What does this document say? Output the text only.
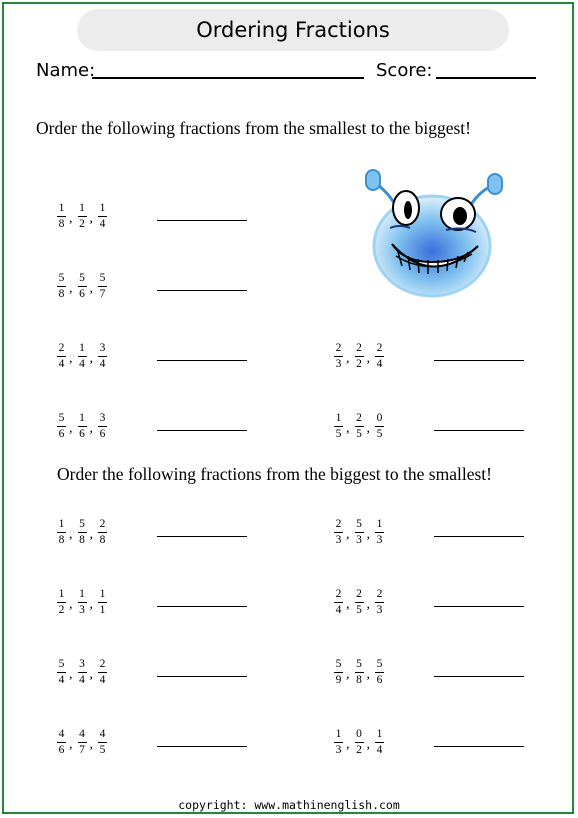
Ordering Fractions
Name:	Score:
Order the following fractions from the smallest to the biggest!
$\frac{1}{8}$ , $\frac{1}{2}$ , $\frac{1}{4}$
$\frac{5}{8}$ , $\frac{5}{6}$ , $\frac{5}{7}$
$\frac{2}{4}$ , $\frac{1}{4}$ , $\frac{3}{4}$	$\frac{2}{3}$ , $\frac{2}{2}$ , $\frac{2}{4}$
$\frac{5}{6}$ , $\frac{1}{6}$ , $\frac{3}{6}$	$\frac{1}{5}$ , $\frac{2}{5}$ , $\frac{0}{5}$
Order the following fractions from the biggest to the smallest!
$\frac{1}{8}$ , $\frac{5}{8}$ , $\frac{2}{8}$	$\frac{2}{3}$ , $\frac{5}{3}$ , $\frac{1}{3}$
$\frac{1}{2}$ , $\frac{1}{3}$ , $\frac{1}{1}$	$\frac{2}{4}$ , $\frac{2}{5}$ , $\frac{2}{3}$
$\frac{5}{4}$ , $\frac{3}{4}$ , $\frac{2}{4}$	$\frac{5}{9}$ , $\frac{5}{8}$ , $\frac{5}{6}$
$\frac{4}{6}$ , $\frac{4}{7}$ , $\frac{4}{5}$	$\frac{1}{3}$ , $\frac{0}{2}$ , $\frac{1}{4}$
copyright: www.mathinenglish.com
